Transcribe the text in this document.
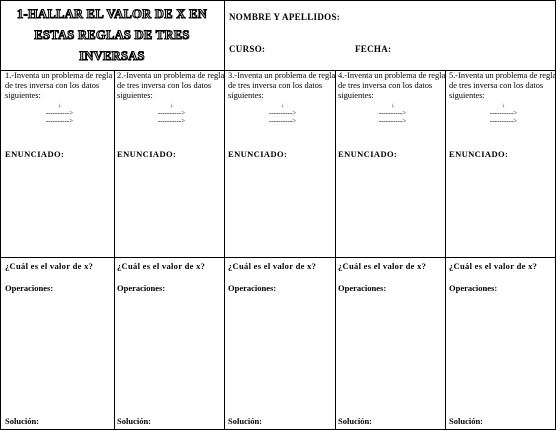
1-HALLAR EL VALOR DE X EN
ESTAS REGLAS DE TRES INVERSAS
NOMBRE Y APELLIDOS:
CURSO:	FECHA:
1.-Inventa un problema de regla de tres inversa con los datos siguientes:
↓
---------->
---------->
ENUNCIADO:
¿Cuál es el valor de x?
Operaciones:
Solución:
2.-Inventa un problema de regla de tres inversa con los datos siguientes:
↓
---------->
---------->
ENUNCIADO:
¿Cuál es el valor de x?
Operaciones:
Solución:
3.-Inventa un problema de regla de tres inversa con los datos siguientes:
↓
---------->
---------->
ENUNCIADO:
¿Cuál es el valor de x?
Operaciones:
Solución:
4.-Inventa un problema de regla de tres inversa con los datos siguientes:
↓
---------->
---------->
ENUNCIADO:
¿Cuál es el valor de x?
Operaciones:
Solución:
5.-Inventa un problema de regla de tres inversa con los datos siguientes:
↓
---------->
---------->
ENUNCIADO:
¿Cuál es el valor de x?
Operaciones:
Solución:
